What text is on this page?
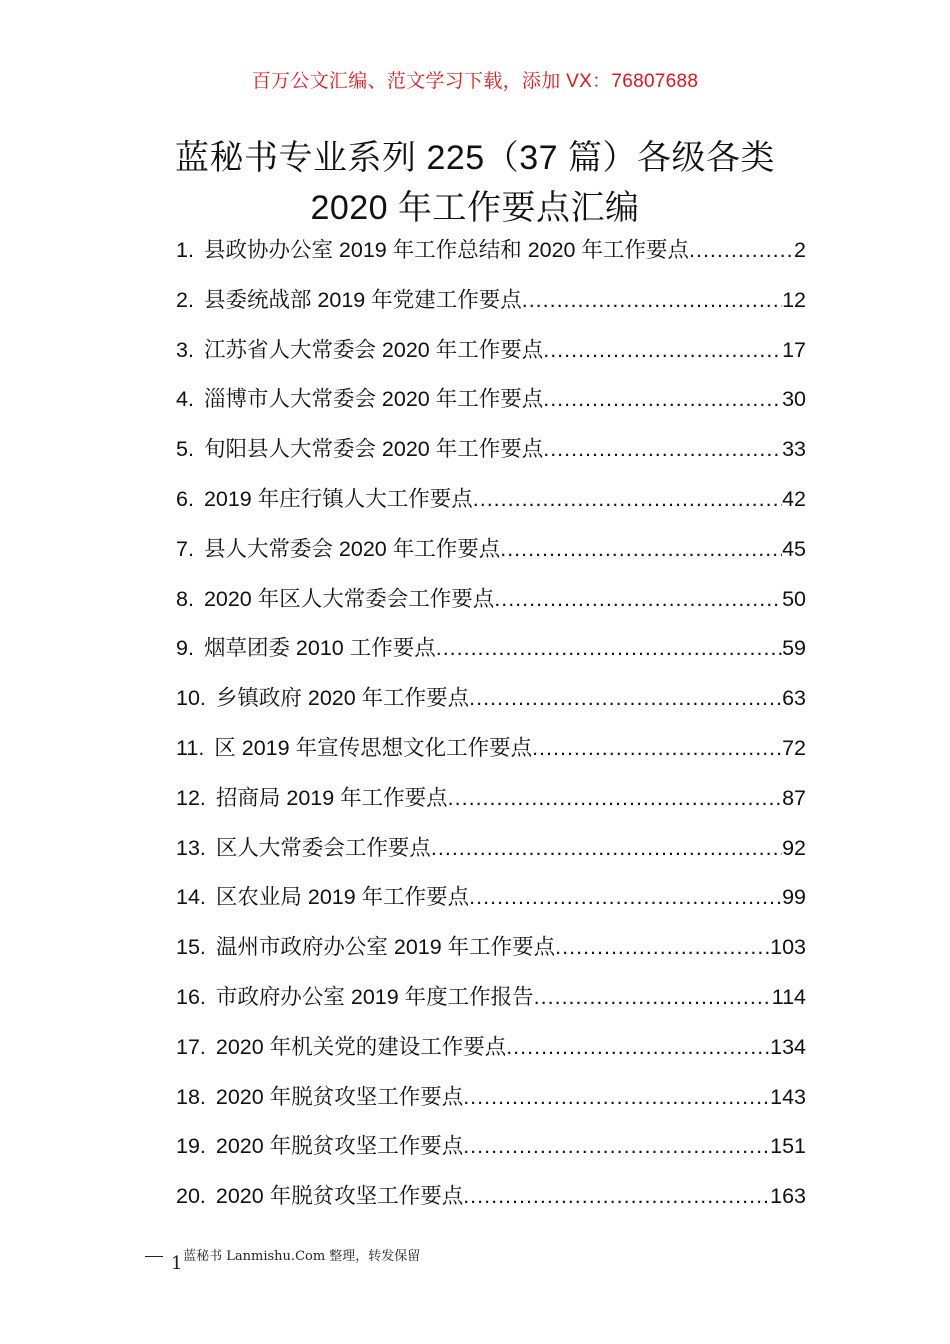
百万公文汇编、范文学习下载，添加 VX：76807688
蓝秘书专业系列 225（37 篇）各级各类
2020 年工作要点汇编
1. 县政协办公室 2019 年工作总结和 2020 年工作要点 .....	2
2. 县委统战部 2019 年党建工作要点 .....	12
3. 江苏省人大常委会 2020 年工作要点 .....	17
4. 淄博市人大常委会 2020 年工作要点 .....	30
5. 旬阳县人大常委会 2020 年工作要点 .....	33
6. 2019 年庄行镇人大工作要点 .....	42
7. 县人大常委会 2020 年工作要点 .....	45
8. 2020 年区人大常委会工作要点 .....	50
9. 烟草团委 2010 工作要点 .....	59
10. 乡镇政府 2020 年工作要点 .....	63
11. 区 2019 年宣传思想文化工作要点 .....	72
12. 招商局 2019 年工作要点 .....	87
13. 区人大常委会工作要点 .....	92
14. 区农业局 2019 年工作要点 .....	99
15. 温州市政府办公室 2019 年工作要点 .....	103
16. 市政府办公室 2019 年度工作报告 .....	114
17. 2020 年机关党的建设工作要点 .....	134
18. 2020 年脱贫攻坚工作要点 .....	143
19. 2020 年脱贫攻坚工作要点 .....	151
20. 2020 年脱贫攻坚工作要点 .....	163

1 蓝秘书 Lanmishu.Com 整理，转发保留
